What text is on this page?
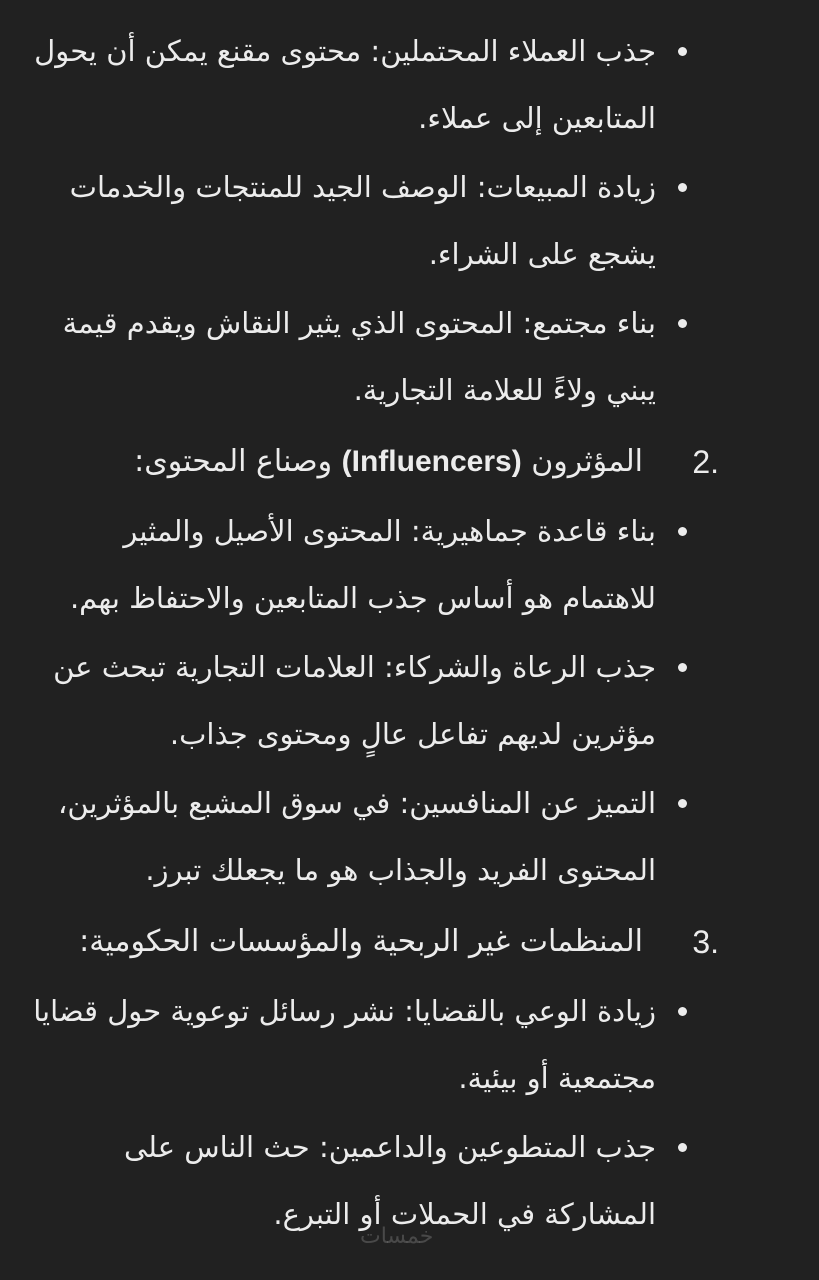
جذب العملاء المحتملين: محتوى مقنع يمكن أن يحول المتابعين إلى عملاء.
زيادة المبيعات: الوصف الجيد للمنتجات والخدمات يشجع على الشراء.
بناء مجتمع: المحتوى الذي يثير النقاش ويقدم قيمة يبني ولاءً للعلامة التجارية.
2.
المؤثرون (Influencers) وصناع المحتوى:
بناء قاعدة جماهيرية: المحتوى الأصيل والمثير للاهتمام هو أساس جذب المتابعين والاحتفاظ بهم.
جذب الرعاة والشركاء: العلامات التجارية تبحث عن مؤثرين لديهم تفاعل عالٍ ومحتوى جذاب.
التميز عن المنافسين: في سوق المشبع بالمؤثرين، المحتوى الفريد والجذاب هو ما يجعلك تبرز.
3.
المنظمات غير الربحية والمؤسسات الحكومية:
زيادة الوعي بالقضايا: نشر رسائل توعوية حول قضايا مجتمعية أو بيئية.
جذب المتطوعين والداعمين: حث الناس على المشاركة في الحملات أو التبرع.
خمسات
